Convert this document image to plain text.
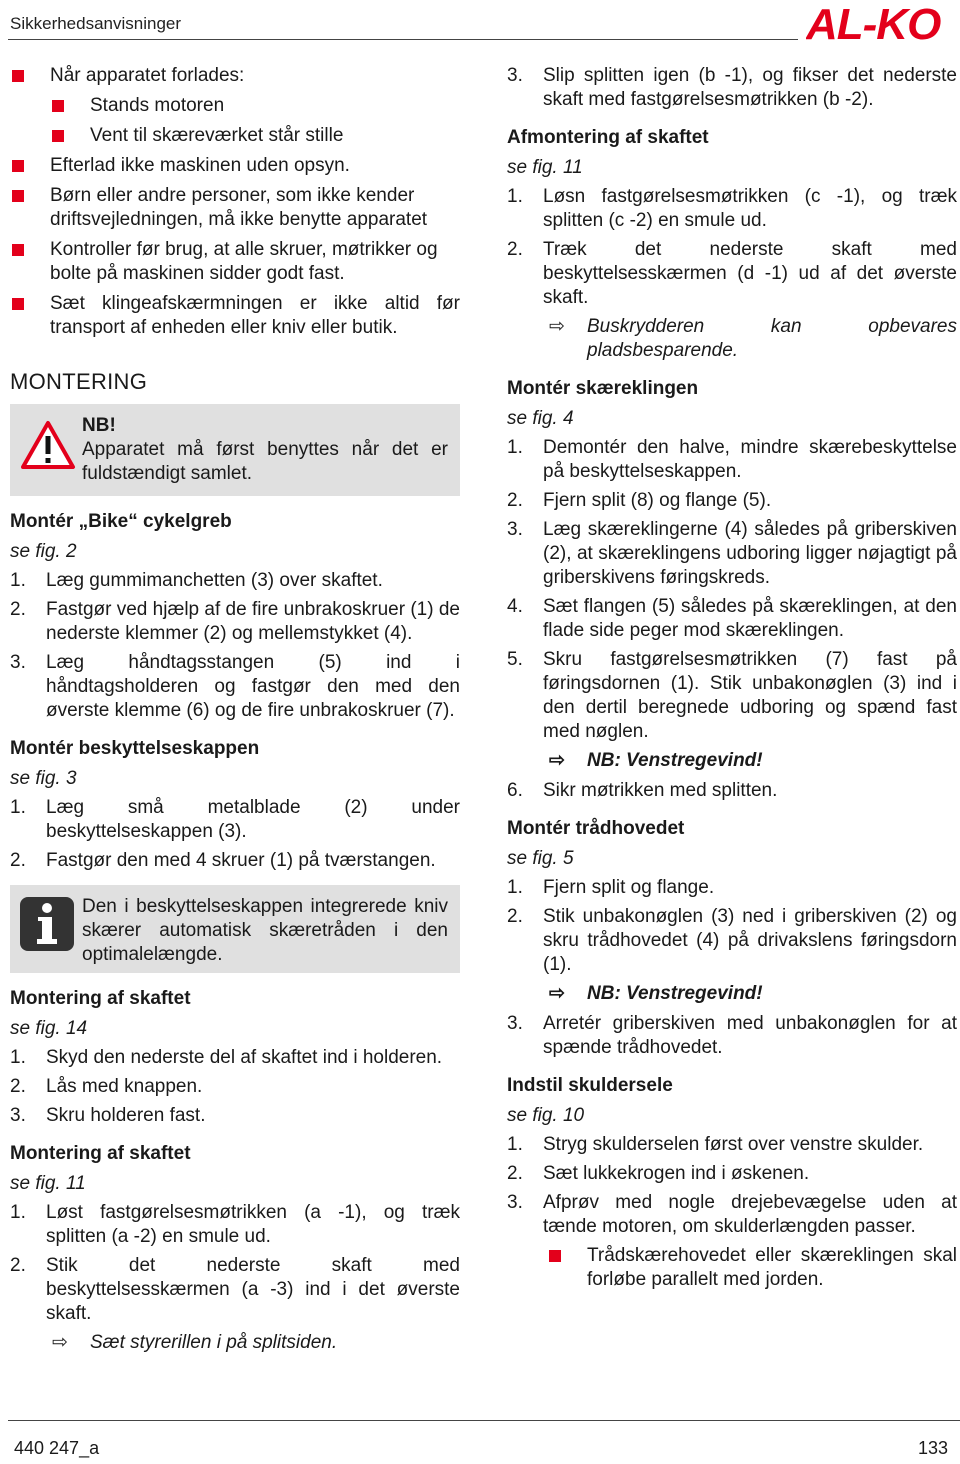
Sikkerhedsanvisninger	AL-KO
Når apparatet forlades:
Stands motoren
Vent til skæreværket står stille
Efterlad ikke maskinen uden opsyn.
Børn eller andre personer, som ikke kender driftsvejledningen, må ikke benytte apparatet
Kontroller før brug, at alle skruer, møtrikker og bolte på maskinen sidder godt fast.
Sæt klingeafskærmningen er ikke altid før transport af enheden eller kniv eller butik.
MONTERING
NB!
Apparatet må først benyttes når det er fuldstændigt samlet.
Montér „Bike“ cykelgreb
se fig. 2
1. Læg gummimanchetten (3) over skaftet.
2. Fastgør ved hjælp af de fire unbrakoskruer (1) de nederste klemmer (2) og mellemstykket (4).
3. Læg håndtagsstangen (5) ind i håndtagsholderen og fastgør den med den øverste klemme (6) og de fire unbrakoskruer (7).
Montér beskyttelseskappen
se fig. 3
1. Læg små metalblade (2) under beskyttelseskappen (3).
2. Fastgør den med 4 skruer (1) på tværstangen.
Den i beskyttelseskappen integrerede kniv skærer automatisk skæretråden i den optimalelængde.
Montering af skaftet
se fig. 14
1. Skyd den nederste del af skaftet ind i holderen.
2. Lås med knappen.
3. Skru holderen fast.
Montering af skaftet
se fig. 11
1. Løst fastgørelsesmøtrikken (a -1), og træk splitten (a -2) en smule ud.
2. Stik det nederste skaft med beskyttelsesskærmen (a -3) ind i det øverste skaft.
⇨ Sæt styrerillen i på splitsiden.
3. Slip splitten igen (b -1), og fikser det nederste skaft med fastgørelsesmøtrikken (b -2).
Afmontering af skaftet
se fig. 11
1. Løsn fastgørelsesmøtrikken (c -1), og træk splitten (c -2) en smule ud.
2. Træk det nederste skaft med beskyttelsesskærmen (d -1) ud af det øverste skaft.
⇨ Buskrydderen kan opbevares pladsbesparende.
Montér skæreklingen
se fig. 4
1. Demontér den halve, mindre skærebeskyttelse på beskyttelseskappen.
2. Fjern split (8) og flange (5).
3. Læg skæreklingerne (4) således på griberskiven (2), at skæreklingens udboring ligger nøjagtigt på griberskivens føringskreds.
4. Sæt flangen (5) således på skæreklingen, at den flade side peger mod skæreklingen.
5. Skru fastgørelsesmøtrikken (7) fast på føringsdornen (1). Stik unbakonøglen (3) ind i den dertil beregnede udboring og spænd fast med nøglen.
⇨ NB: Venstregevind!
6. Sikr møtrikken med splitten.
Montér trådhovedet
se fig. 5
1. Fjern split og flange.
2. Stik unbakonøglen (3) ned i griberskiven (2) og skru trådhovedet (4) på drivakslens føringsdorn (1).
⇨ NB: Venstregevind!
3. Arretér griberskiven med unbakonøglen for at spænde trådhovedet.
Indstil skuldersele
se fig. 10
1. Stryg skulderselen først over venstre skulder.
2. Sæt lukkekrogen ind i øskenen.
3. Afprøv med nogle drejebevægelse uden at tænde motoren, om skulderlængden passer.
Trådskærehovedet eller skæreklingen skal forløbe parallelt med jorden.
440 247_a	133
